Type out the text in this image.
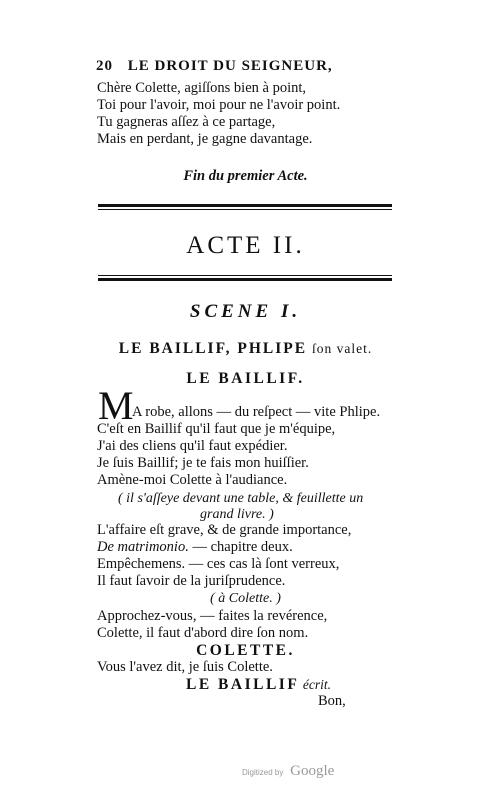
20 LE DROIT DU SEIGNEUR,
Chère Colette, agiſſons bien à point,
Toi pour l'avoir, moi pour ne l'avoir point.
Tu gagneras aſſez à ce partage,
Mais en perdant, je gagne davantage.
Fin du premier Acte.
ACTE II.
SCENE I.
LE BAILLIF, PHLIPE ſon valet.
LE BAILLIF.
M
A robe, allons — du reſpect — vite Phlipe.
C'eſt en Baillif qu'il faut que je m'équipe,
J'ai des cliens qu'il faut expédier.
Je ſuis Baillif; je te fais mon huiſſier.
Amène-moi Colette à l'audiance.
( il s'aſſeye devant une table, & feuillette un
grand livre. )
L'affaire eſt grave, & de grande importance,
De matrimonio. — chapitre deux.
Empêchemens. — ces cas là ſont verreux,
Il faut ſavoir de la juriſprudence.
( à Colette. )
Approchez-vous, — faites la revérence,
Colette, il faut d'abord dire ſon nom.
COLETTE.
Vous l'avez dit, je ſuis Colette.
LE BAILLIF écrit.
Bon,
Digitized by Google
